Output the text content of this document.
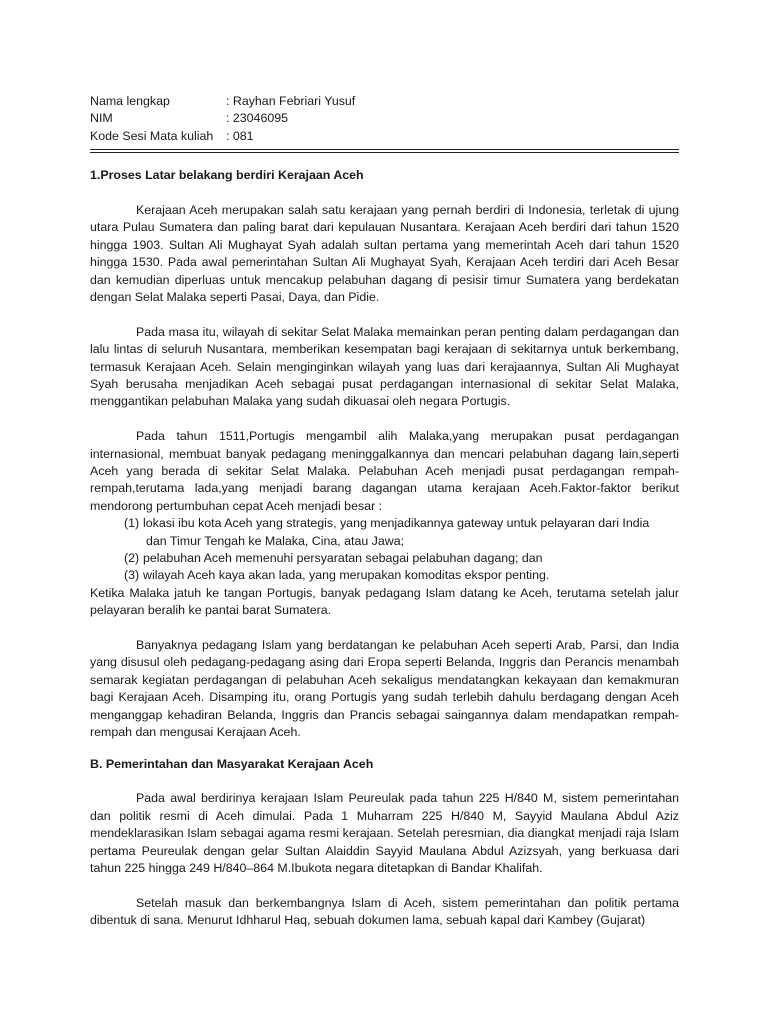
Nama lengkap	: Rayhan Febriari Yusuf
NIM	: 23046095
Kode Sesi Mata kuliah	: 081
1.Proses Latar belakang berdiri Kerajaan Aceh

Kerajaan Aceh merupakan salah satu kerajaan yang pernah berdiri di Indonesia, terletak di ujung utara Pulau Sumatera dan paling barat dari kepulauan Nusantara. Kerajaan Aceh berdiri dari tahun 1520 hingga 1903. Sultan Ali Mughayat Syah adalah sultan pertama yang memerintah Aceh dari tahun 1520 hingga 1530. Pada awal pemerintahan Sultan Ali Mughayat Syah, Kerajaan Aceh terdiri dari Aceh Besar dan kemudian diperluas untuk mencakup pelabuhan dagang di pesisir timur Sumatera yang berdekatan dengan Selat Malaka seperti Pasai, Daya, dan Pidie.

Pada masa itu, wilayah di sekitar Selat Malaka memainkan peran penting dalam perdagangan dan lalu lintas di seluruh Nusantara, memberikan kesempatan bagi kerajaan di sekitarnya untuk berkembang, termasuk Kerajaan Aceh. Selain menginginkan wilayah yang luas dari kerajaannya, Sultan Ali Mughayat Syah berusaha menjadikan Aceh sebagai pusat perdagangan internasional di sekitar Selat Malaka, menggantikan pelabuhan Malaka yang sudah dikuasai oleh negara Portugis.

Pada tahun 1511,Portugis mengambil alih Malaka,yang merupakan pusat perdagangan internasional, membuat banyak pedagang meninggalkannya dan mencari pelabuhan dagang lain,seperti Aceh yang berada di sekitar Selat Malaka. Pelabuhan Aceh menjadi pusat perdagangan rempah-rempah,terutama lada,yang menjadi barang dagangan utama kerajaan Aceh.Faktor-faktor berikut mendorong pertumbuhan cepat Aceh menjadi besar :

(1) lokasi ibu kota Aceh yang strategis, yang menjadikannya gateway untuk pelayaran dari India
dan Timur Tengah ke Malaka, Cina, atau Jawa;
(2) pelabuhan Aceh memenuhi persyaratan sebagai pelabuhan dagang; dan
(3) wilayah Aceh kaya akan lada, yang merupakan komoditas ekspor penting.

Ketika Malaka jatuh ke tangan Portugis, banyak pedagang Islam datang ke Aceh, terutama setelah jalur pelayaran beralih ke pantai barat Sumatera.

Banyaknya pedagang Islam yang berdatangan ke pelabuhan Aceh seperti Arab, Parsi, dan India yang disusul oleh pedagang-pedagang asing dari Eropa seperti Belanda, Inggris dan Perancis menambah semarak kegiatan perdagangan di pelabuhan Aceh sekaligus mendatangkan kekayaan dan kemakmuran bagi Kerajaan Aceh. Disamping itu, orang Portugis yang sudah terlebih dahulu berdagang dengan Aceh menganggap kehadiran Belanda, Inggris dan Prancis sebagai saingannya dalam mendapatkan rempah-rempah dan mengusai Kerajaan Aceh.

B. Pemerintahan dan Masyarakat Kerajaan Aceh

Pada awal berdirinya kerajaan Islam Peureulak pada tahun 225 H/840 M, sistem pemerintahan dan politik resmi di Aceh dimulai. Pada 1 Muharram 225 H/840 M, Sayyid Maulana Abdul Aziz mendeklarasikan Islam sebagai agama resmi kerajaan. Setelah peresmian, dia diangkat menjadi raja Islam pertama Peureulak dengan gelar Sultan Alaiddin Sayyid Maulana Abdul Azizsyah, yang berkuasa dari tahun 225 hingga 249 H/840–864 M.Ibukota negara ditetapkan di Bandar Khalifah.

Setelah masuk dan berkembangnya Islam di Aceh, sistem pemerintahan dan politik pertama dibentuk di sana. Menurut Idhharul Haq, sebuah dokumen lama, sebuah kapal dari Kambey (Gujarat)
